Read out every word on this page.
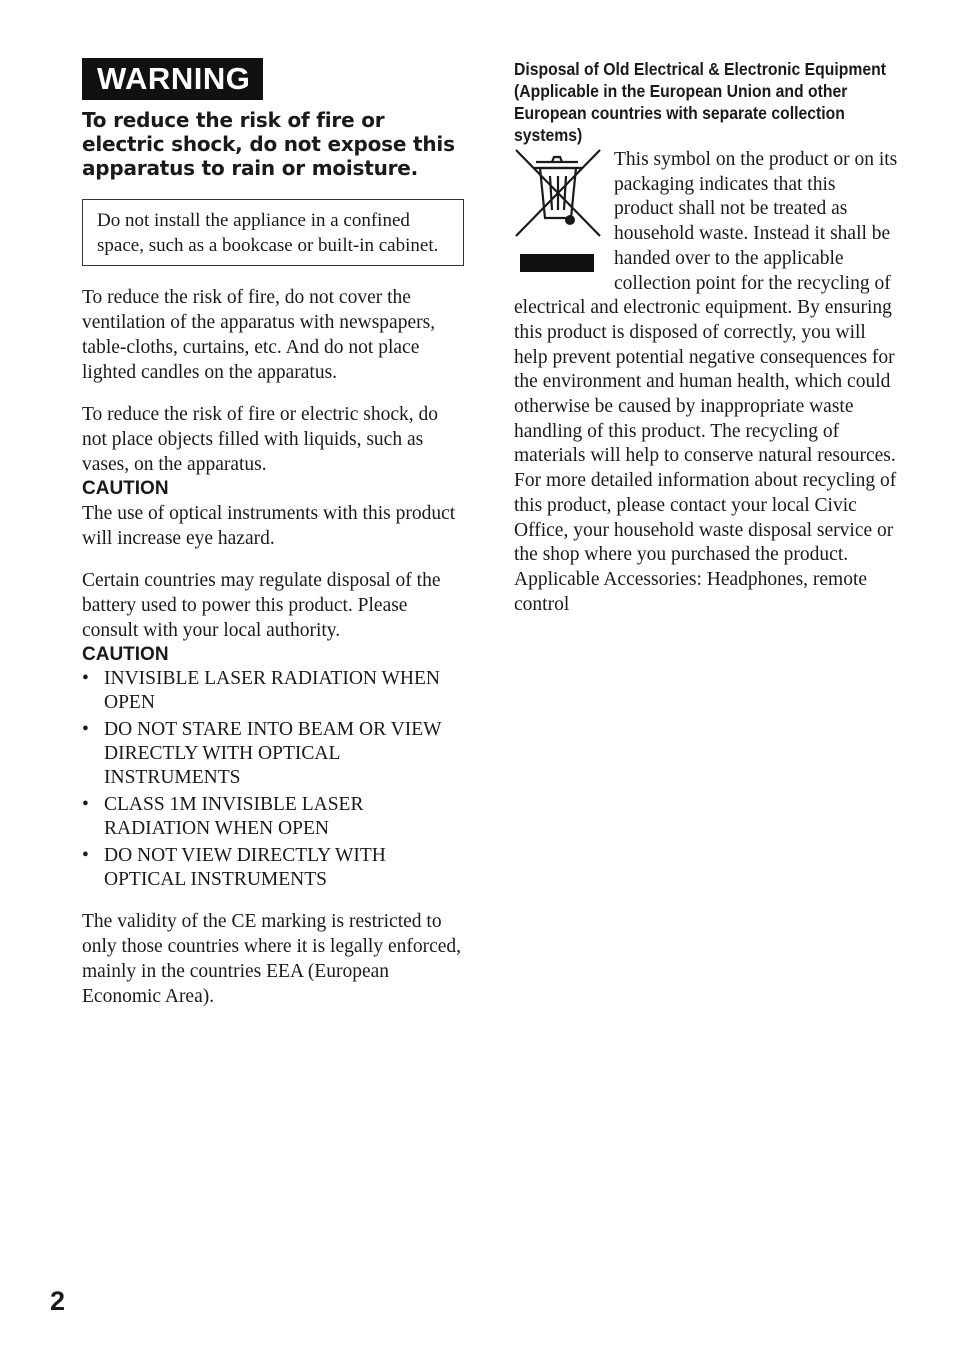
WARNING

To reduce the risk of fire or electric shock, do not expose this apparatus to rain or moisture.

Do not install the appliance in a confined space, such as a bookcase or built-in cabinet.

To reduce the risk of fire, do not cover the ventilation of the apparatus with newspapers, table-cloths, curtains, etc. And do not place lighted candles on the apparatus.

To reduce the risk of fire or electric shock, do not place objects filled with liquids, such as vases, on the apparatus.

CAUTION

The use of optical instruments with this product will increase eye hazard.

Certain countries may regulate disposal of the battery used to power this product. Please consult with your local authority.

CAUTION
• INVISIBLE LASER RADIATION WHEN OPEN
• DO NOT STARE INTO BEAM OR VIEW DIRECTLY WITH OPTICAL INSTRUMENTS
• CLASS 1M INVISIBLE LASER RADIATION WHEN OPEN
• DO NOT VIEW DIRECTLY WITH OPTICAL INSTRUMENTS

The validity of the CE marking is restricted to only those countries where it is legally enforced, mainly in the countries EEA (European Economic Area).

Disposal of Old Electrical & Electronic Equipment (Applicable in the European Union and other European countries with separate collection systems)
This symbol on the product or on its packaging indicates that this product shall not be treated as household waste. Instead it shall be handed over to the applicable collection point for the recycling of electrical and electronic equipment. By ensuring this product is disposed of correctly, you will help prevent potential negative consequences for the environment and human health, which could otherwise be caused by inappropriate waste handling of this product. The recycling of materials will help to conserve natural resources. For more detailed information about recycling of this product, please contact your local Civic Office, your household waste disposal service or the shop where you purchased the product.
Applicable Accessories: Headphones, remote control
2
